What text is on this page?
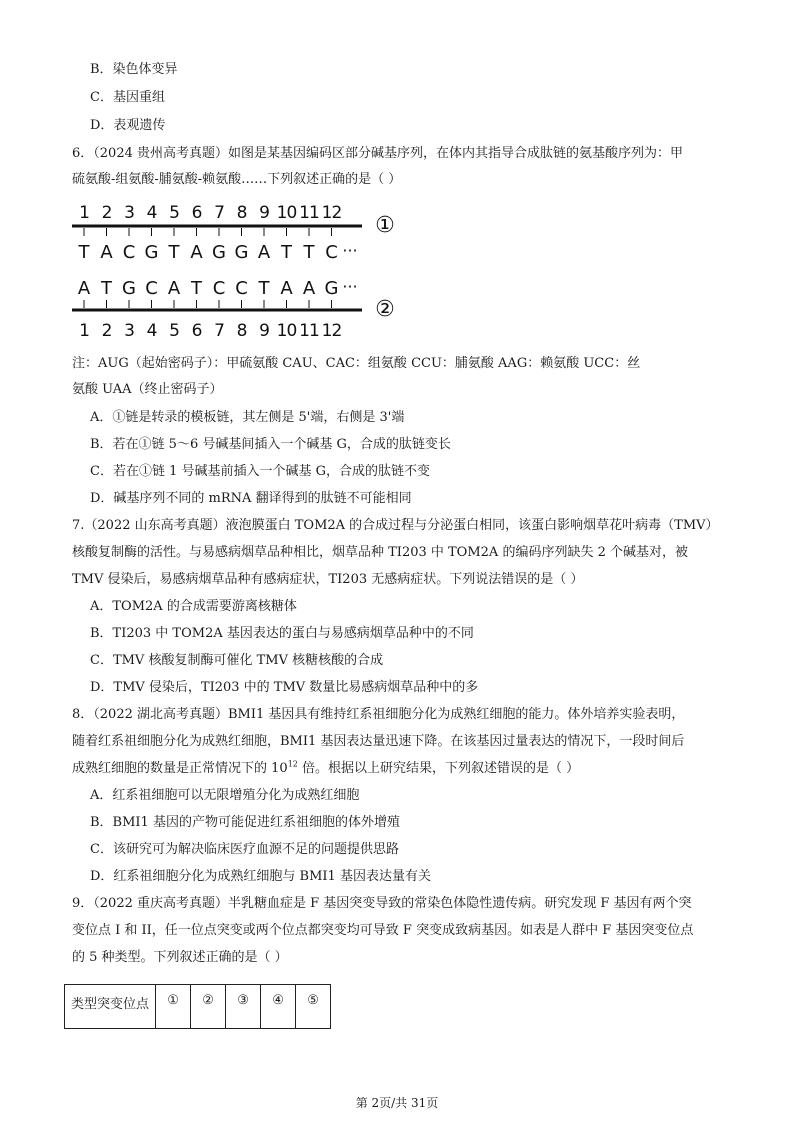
B．染色体变异
C．基因重组
D．表观遗传
6．（2024 贵州高考真题）如图是某基因编码区部分碱基序列，在体内其指导合成肽链的氨基酸序列为：甲
硫氨酸-组氨酸-脯氨酸-赖氨酸……下列叙述正确的是（ ）
1 2 3 4 5 6 7 8 9 10 11 12
T A C G T A G G A T T C ···
①
A T G C A T C C T A A G ···
1 2 3 4 5 6 7 8 9 10 11 12
②
注：AUG（起始密码子）：甲硫氨酸 CAU、CAC：组氨酸 CCU：脯氨酸 AAG：赖氨酸 UCC：丝
氨酸 UAA（终止密码子）
A．①链是转录的模板链，其左侧是 5'端，右侧是 3'端
B．若在①链 5～6 号碱基间插入一个碱基 G，合成的肽链变长
C．若在①链 1 号碱基前插入一个碱基 G，合成的肽链不变
D．碱基序列不同的 mRNA 翻译得到的肽链不可能相同
7.（2022 山东高考真题）液泡膜蛋白 TOM2A 的合成过程与分泌蛋白相同，该蛋白影响烟草花叶病毒（TMV）
核酸复制酶的活性。与易感病烟草品种相比，烟草品种 TI203 中 TOM2A 的编码序列缺失 2 个碱基对，被
TMV 侵染后，易感病烟草品种有感病症状，TI203 无感病症状。下列说法错误的是（ ）
A．TOM2A 的合成需要游离核糖体
B．TI203 中 TOM2A 基因表达的蛋白与易感病烟草品种中的不同
C．TMV 核酸复制酶可催化 TMV 核糖核酸的合成
D．TMV 侵染后，TI203 中的 TMV 数量比易感病烟草品种中的多
8．（2022 湖北高考真题）BMI1 基因具有维持红系祖细胞分化为成熟红细胞的能力。体外培养实验表明，
随着红系祖细胞分化为成熟红细胞，BMI1 基因表达量迅速下降。在该基因过量表达的情况下，一段时间后
成熟红细胞的数量是正常情况下的 $10^{12}$ 倍。根据以上研究结果，下列叙述错误的是（ ）
A．红系祖细胞可以无限增殖分化为成熟红细胞
B．BMI1 基因的产物可能促进红系祖细胞的体外增殖
C．该研究可为解决临床医疗血源不足的问题提供思路
D．红系祖细胞分化为成熟红细胞与 BMI1 基因表达量有关
9．（2022 重庆高考真题）半乳糖血症是 F 基因突变导致的常染色体隐性遗传病。研究发现 F 基因有两个突
变位点 I 和 II，任一位点突变或两个位点都突变均可导致 F 突变成致病基因。如表是人群中 F 基因突变位点
的 5 种类型。下列叙述正确的是（ ）
类型突变位点	①	②	③	④	⑤
第 2页/共 31页
